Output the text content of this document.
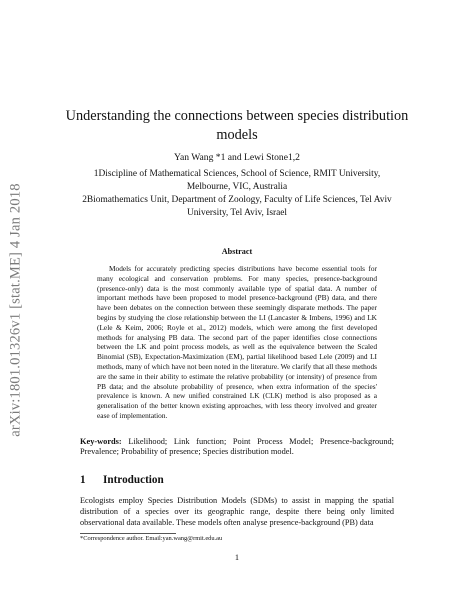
arXiv:1801.01326v1 [stat.ME] 4 Jan 2018
Understanding the connections between species distribution models
Yan Wang *1 and Lewi Stone1,2
1Discipline of Mathematical Sciences, School of Science, RMIT University, Melbourne, VIC, Australia
2Biomathematics Unit, Department of Zoology, Faculty of Life Sciences, Tel Aviv University, Tel Aviv, Israel
Abstract
Models for accurately predicting species distributions have become essential tools for many ecological and conservation problems. For many species, presence-background (presence-only) data is the most commonly available type of spatial data. A number of important methods have been proposed to model presence-background (PB) data, and there have been debates on the connection between these seemingly disparate methods. The paper begins by studying the close relationship between the LI (Lancaster & Imbens, 1996) and LK (Lele & Keim, 2006; Royle et al., 2012) models, which were among the first developed methods for analysing PB data. The second part of the paper identifies close connections between the LK and point process models, as well as the equivalence between the Scaled Binomial (SB), Expectation-Maximization (EM), partial likelihood based Lele (2009) and LI methods, many of which have not been noted in the literature. We clarify that all these methods are the same in their ability to estimate the relative probability (or intensity) of presence from PB data; and the absolute probability of presence, when extra information of the species' prevalence is known. A new unified constrained LK (CLK) method is also proposed as a generalisation of the better known existing approaches, with less theory involved and greater ease of implementation.
Key-words: Likelihood; Link function; Point Process Model; Presence-background; Prevalence; Probability of presence; Species distribution model.
1 Introduction
Ecologists employ Species Distribution Models (SDMs) to assist in mapping the spatial distribution of a species over its geographic range, despite there being only limited observational data available. These models often analyse presence-background (PB) data
*Correspondence author. Email:yan.wang@rmit.edu.au
1
